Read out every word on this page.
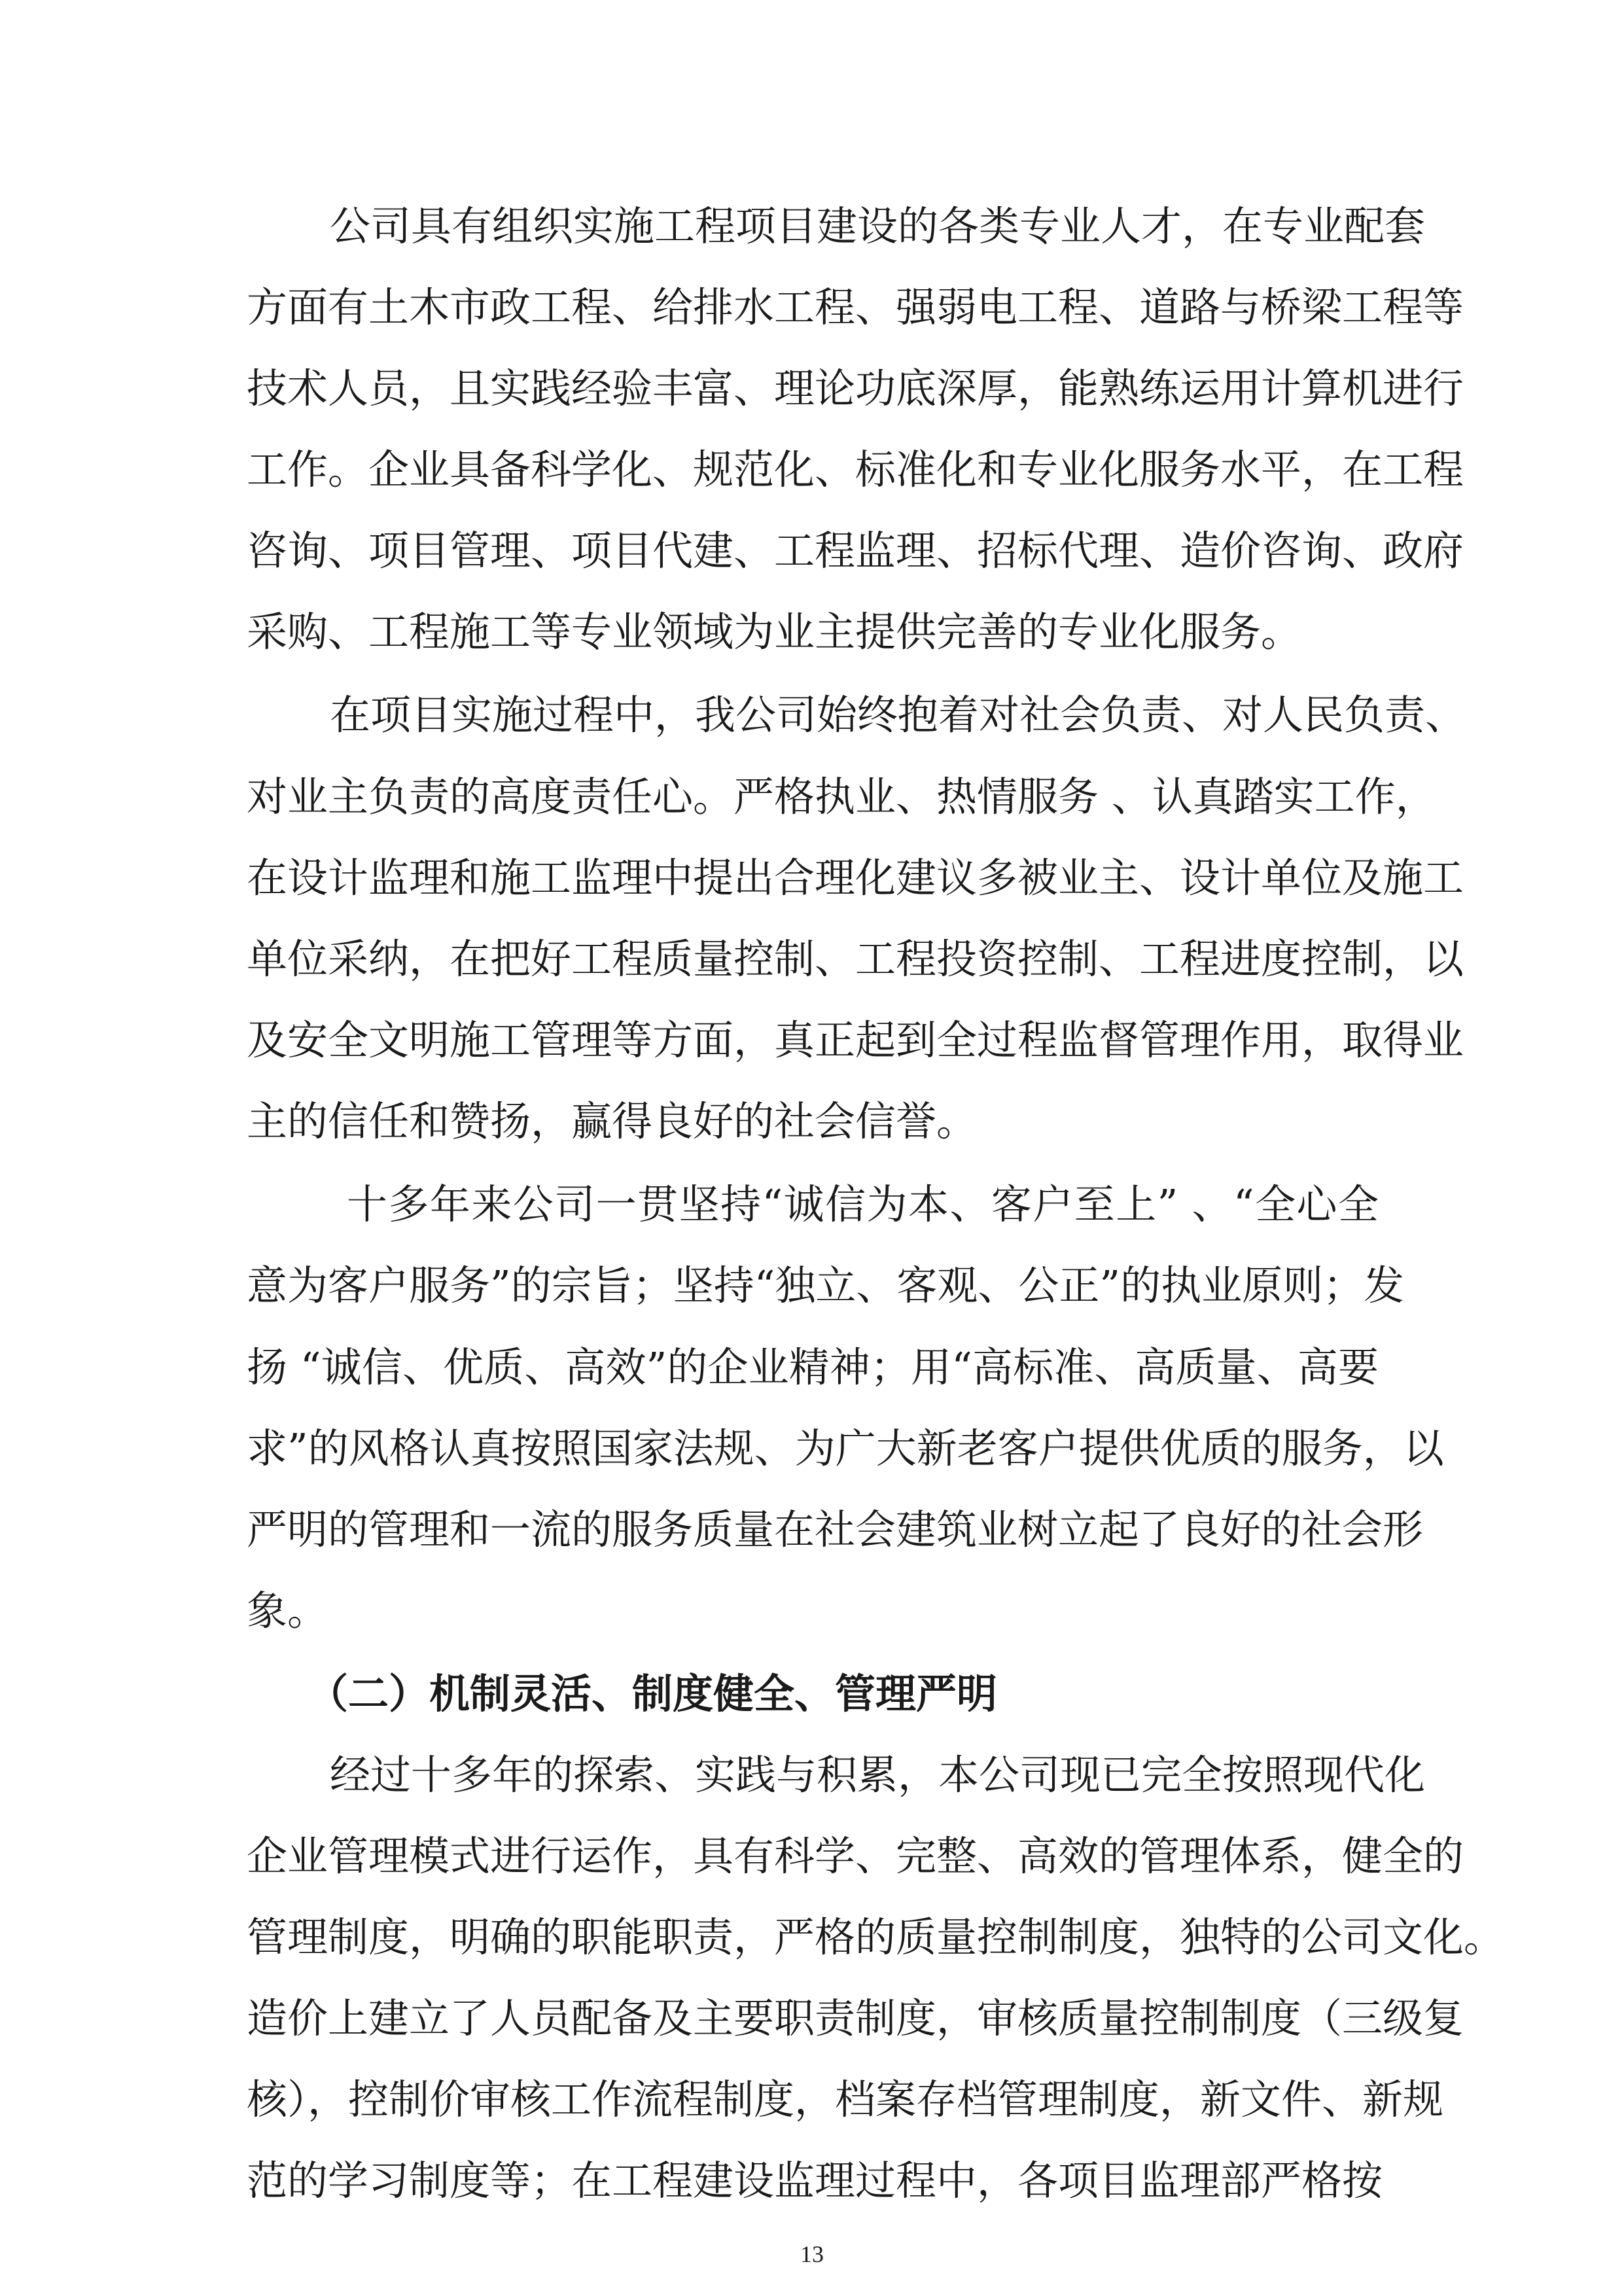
公司具有组织实施工程项目建设的各类专业人才，在专业配套
方面有土木市政工程、给排水工程、强弱电工程、道路与桥梁工程等
技术人员，且实践经验丰富、理论功底深厚，能熟练运用计算机进行
工作。企业具备科学化、规范化、标准化和专业化服务水平，在工程
咨询、项目管理、项目代建、工程监理、招标代理、造价咨询、政府
采购、工程施工等专业领域为业主提供完善的专业化服务。
在项目实施过程中，我公司始终抱着对社会负责、对人民负责、
对业主负责的高度责任心。严格执业、热情服务 、认真踏实工作，
在设计监理和施工监理中提出合理化建议多被业主、设计单位及施工
单位采纳，在把好工程质量控制、工程投资控制、工程进度控制，以
及安全文明施工管理等方面，真正起到全过程监督管理作用，取得业
主的信任和赞扬，赢得良好的社会信誉。
十多年来公司一贯坚持“诚信为本、客户至上” 、“全心全
意为客户服务”的宗旨；坚持“独立、客观、公正”的执业原则；发
扬 “诚信、优质、高效”的企业精神；用“高标准、高质量、高要
求”的风格认真按照国家法规、为广大新老客户提供优质的服务，以
严明的管理和一流的服务质量在社会建筑业树立起了良好的社会形
象。
（二）机制灵活、制度健全、管理严明
经过十多年的探索、实践与积累，本公司现已完全按照现代化
企业管理模式进行运作，具有科学、完整、高效的管理体系，健全的
管理制度，明确的职能职责，严格的质量控制制度，独特的公司文化。
造价上建立了人员配备及主要职责制度，审核质量控制制度（三级复
核），控制价审核工作流程制度，档案存档管理制度，新文件、新规
范的学习制度等；在工程建设监理过程中，各项目监理部严格按
13
